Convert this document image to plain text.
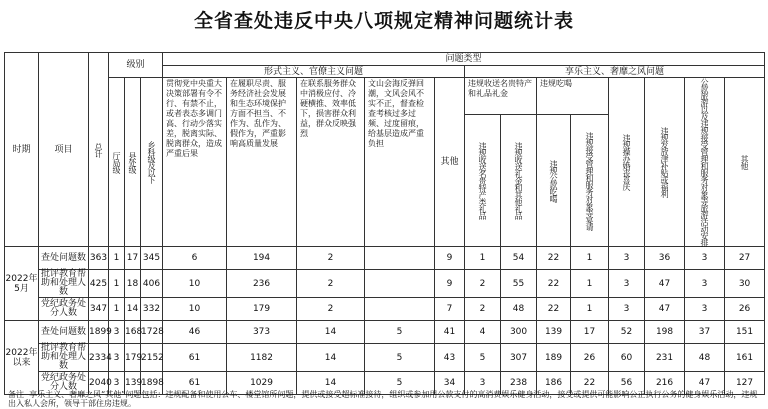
全省查处违反中央八项规定精神问题统计表
时期	项目	总计	级别			问题类型												
						形式主义、官僚主义问题					享乐主义、奢靡之风问题							

			厅局级	县处级	乡科级及以下	贯彻党中央重大决策部署有令不行、有禁不止，或者表态多调门高、行动少落实差，脱离实际、脱离群众，造成严重后果	在履职尽责、服务经济社会发展和生态环境保护方面不担当、不作为、乱作为、假作为，严重影响高质量发展	在联系服务群众中消极应付、冷硬横推、效率低下，损害群众利益，群众反映强烈	文山会海反弹回潮，文风会风不实不正，督查检查考核过多过频、过度留痕，给基层造成严重负担	其他	违规收送名贵特产和礼品礼金		违规吃喝		违规操办婚丧喜庆	违规发放津补贴或福利	公款旅游以及违规接受管理和服务对象等旅游活动安排	其他

											违规收送名贵特产类礼品	违规收送礼金和其他礼品	违规公款吃喝	违规接受管理和服务对象等宴请				

2022年5月	查处问题数	363	1	17	345	6	194	2		9	1	54	22	1	3	36	3	27
	批评教育帮助和处理人数	425	1	18	406	10	236	2		9	2	55	22	1	3	47	3	30
	党纪政务处分人数	347	1	14	332	10	179	2		7	2	48	22	1	3	47	3	26
2022年以来	查处问题数	1899	3	168	1728	46	373	14	5	41	4	300	139	17	52	198	37	151
	批评教育帮助和处理人数	2334	3	179	2152	61	1182	14	5	43	5	307	189	26	60	231	48	161
	党纪政务处分人数	2040	3	139	1898	61	1029	14	5	34	3	238	186	22	56	216	47	127
备注 享乐主义、奢靡之风“其他”问题包括：违规配备和使用公车、楼堂馆所问题，提供或接受超标准接待，组织或参加用公款支付的高消费娱乐健身活动，接受或提供可能影响公正执行公务的健身娱乐活动，违规出入私人会所，领导干部住房违规。
